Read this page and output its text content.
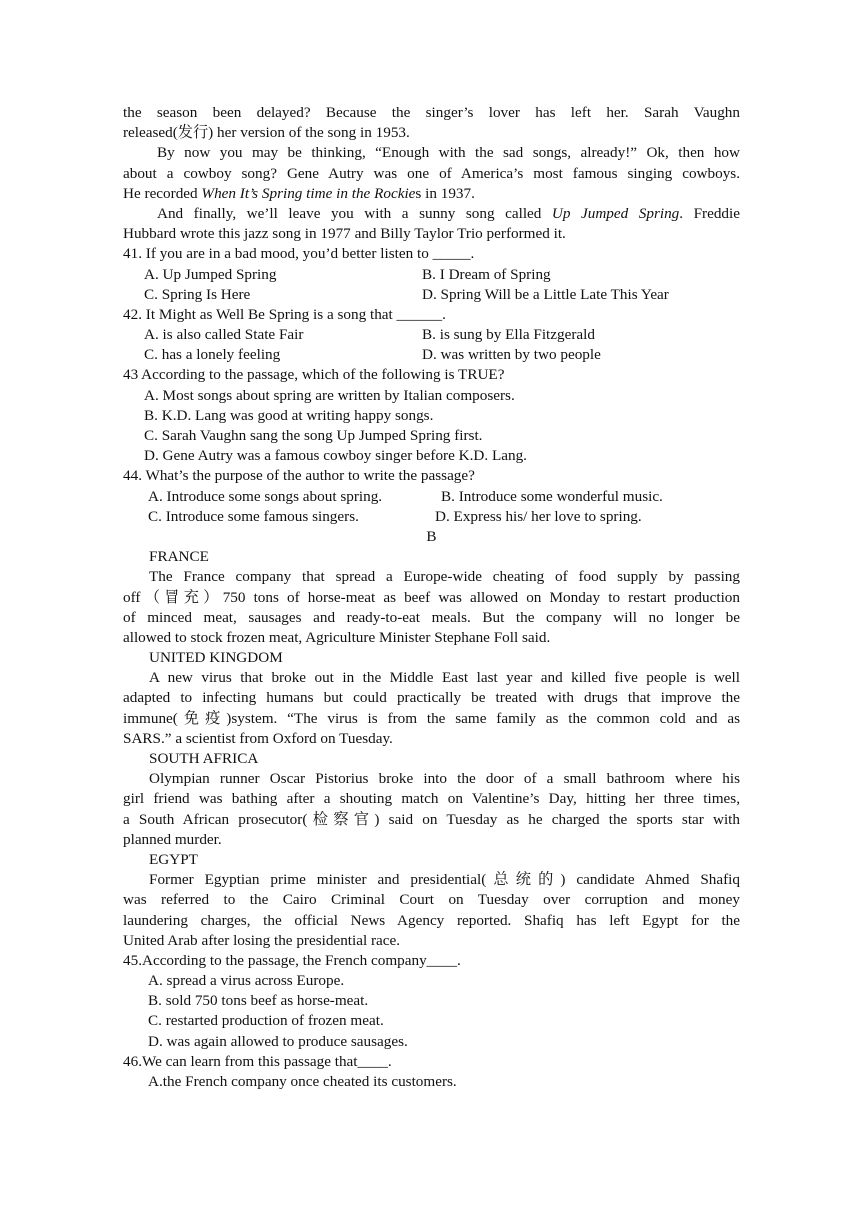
the season been delayed? Because the singer’s lover has left her. Sarah Vaughn
released(发行) her version of the song in 1953.
By now you may be thinking, “Enough with the sad songs, already!” Ok, then how
about a cowboy song? Gene Autry was one of America’s most famous singing cowboys.
He recorded When It’s Spring time in the Rockies in 1937.
And finally, we’ll leave you with a sunny song called Up Jumped Spring. Freddie
Hubbard wrote this jazz song in 1977 and Billy Taylor Trio performed it.
41. If you are in a bad mood, you’d better listen to _____.
A. Up Jumped Spring	B. I Dream of Spring
C. Spring Is Here	D. Spring Will be a Little Late This Year
42. It Might as Well Be Spring is a song that ______.
A. is also called State Fair	B. is sung by Ella Fitzgerald
C. has a lonely feeling	D. was written by two people
43 According to the passage, which of the following is TRUE?
A. Most songs about spring are written by Italian composers.
B. K.D. Lang was good at writing happy songs.
C. Sarah Vaughn sang the song Up Jumped Spring first.
D. Gene Autry was a famous cowboy singer before K.D. Lang.
44. What’s the purpose of the author to write the passage?
A. Introduce some songs about spring.	B. Introduce some wonderful music.
C. Introduce some famous singers.	D. Express his/ her love to spring.
B
FRANCE
The France company that spread a Europe-wide cheating of food supply by passing
off（冒充）750 tons of horse-meat as beef was allowed on Monday to restart production
of minced meat, sausages and ready-to-eat meals. But the company will no longer be
allowed to stock frozen meat, Agriculture Minister Stephane Foll said.
UNITED KINGDOM
A new virus that broke out in the Middle East last year and killed five people is well
adapted to infecting humans but could practically be treated with drugs that improve the
immune(免疫)system. “The virus is from the same family as the common cold and as
SARS.” a scientist from Oxford on Tuesday.
SOUTH AFRICA
Olympian runner Oscar Pistorius broke into the door of a small bathroom where his
girl friend was bathing after a shouting match on Valentine’s Day, hitting her three times,
a South African prosecutor(检察官) said on Tuesday as he charged the sports star with
planned murder.
EGYPT
Former Egyptian prime minister and presidential(总统的) candidate Ahmed Shafiq
was referred to the Cairo Criminal Court on Tuesday over corruption and money
laundering charges, the official News Agency reported. Shafiq has left Egypt for the
United Arab after losing the presidential race.
45.According to the passage, the French company____.
A. spread a virus across Europe.
B. sold 750 tons beef as horse-meat.
C. restarted production of frozen meat.
D. was again allowed to produce sausages.
46.We can learn from this passage that____.
A.the French company once cheated its customers.
